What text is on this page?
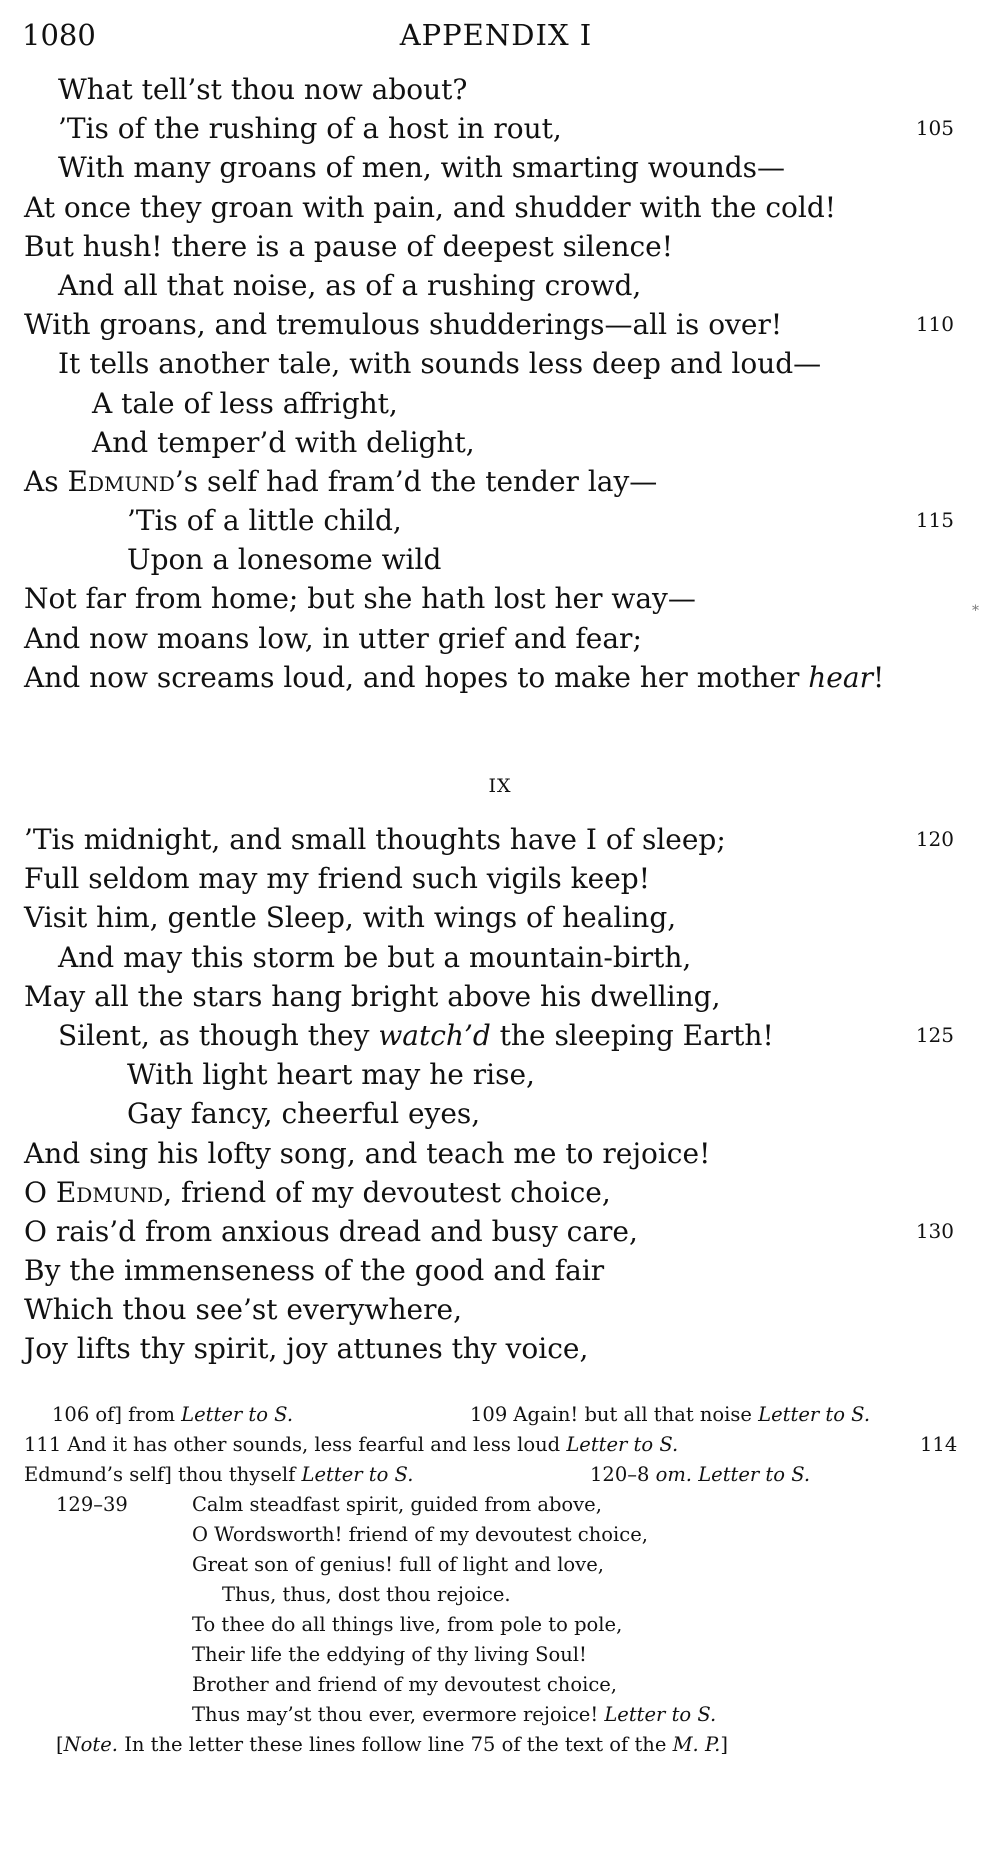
1080	APPENDIX I
What tell’st thou now about?
’Tis of the rushing of a host in rout,	105
With many groans of men, with smarting wounds—
At once they groan with pain, and shudder with the cold!
But hush! there is a pause of deepest silence!
And all that noise, as of a rushing crowd,
With groans, and tremulous shudderings—all is over!	110
It tells another tale, with sounds less deep and loud—
A tale of less affright,
And temper’d with delight,
As Edmund’s self had fram’d the tender lay—
’Tis of a little child,	115
Upon a lonesome wild
Not far from home; but she hath lost her way—
And now moans low, in utter grief and fear;
And now screams loud, and hopes to make her mother hear!
IX
’Tis midnight, and small thoughts have I of sleep;	120
Full seldom may my friend such vigils keep!
Visit him, gentle Sleep, with wings of healing,
And may this storm be but a mountain-birth,
May all the stars hang bright above his dwelling,
Silent, as though they watch’d the sleeping Earth!	125
With light heart may he rise,
Gay fancy, cheerful eyes,
And sing his lofty song, and teach me to rejoice!
O Edmund, friend of my devoutest choice,
O rais’d from anxious dread and busy care,	130
By the immenseness of the good and fair
Which thou see’st everywhere,
Joy lifts thy spirit, joy attunes thy voice,
106 of] from Letter to S.	109 Again! but all that noise Letter to S.
111 And it has other sounds, less fearful and less loud Letter to S.	114
Edmund’s self] thou thyself Letter to S.	120–8 om. Letter to S.
129–39	Calm steadfast spirit, guided from above,
O Wordsworth! friend of my devoutest choice,
Great son of genius! full of light and love,
Thus, thus, dost thou rejoice.
To thee do all things live, from pole to pole,
Their life the eddying of thy living Soul!
Brother and friend of my devoutest choice,
Thus may’st thou ever, evermore rejoice! Letter to S.
[Note. In the letter these lines follow line 75 of the text of the M. P.]
*
